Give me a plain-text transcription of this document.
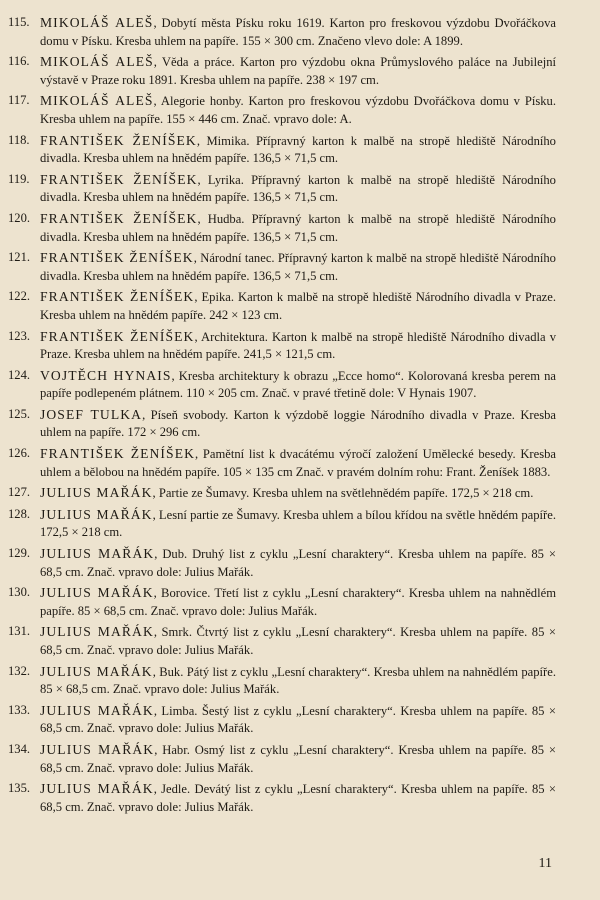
115. MIKOLÁŠ ALEŠ, Dobytí města Písku roku 1619. Karton pro freskovou výzdobu Dvořáčkova domu v Písku. Kresba uhlem na papíře. 155 × 300 cm. Značeno vlevo dole: A 1899.
116. MIKOLÁŠ ALEŠ, Věda a práce. Karton pro výzdobu okna Průmyslového paláce na Jubilejní výstavě v Praze roku 1891. Kresba uhlem na papíře. 238 × 197 cm.
117. MIKOLÁŠ ALEŠ, Alegorie honby. Karton pro freskovou výzdobu Dvořáčkova domu v Písku. Kresba uhlem na papíře. 155 × 446 cm. Znač. vpravo dole: A.
118. FRANTIŠEK ŽENÍŠEK, Mimika. Přípravný karton k malbě na stropě hlediště Národního divadla. Kresba uhlem na hnědém papíře. 136,5 × 71,5 cm.
119. FRANTIŠEK ŽENÍŠEK, Lyrika. Přípravný karton k malbě na stropě hlediště Národního divadla. Kresba uhlem na hnědém papíře. 136,5 × 71,5 cm.
120. FRANTIŠEK ŽENÍŠEK, Hudba. Přípravný karton k malbě na stropě hlediště Národního divadla. Kresba uhlem na hnědém papíře. 136,5 × 71,5 cm.
121. FRANTIŠEK ŽENÍŠEK, Národní tanec. Přípravný karton k malbě na stropě hlediště Národního divadla. Kresba uhlem na hnědém papíře. 136,5 × 71,5 cm.
122. FRANTIŠEK ŽENÍŠEK, Epika. Karton k malbě na stropě hlediště Národního divadla v Praze. Kresba uhlem na hnědém papíře. 242 × 123 cm.
123. FRANTIŠEK ŽENÍŠEK, Architektura. Karton k malbě na stropě hlediště Národního divadla v Praze. Kresba uhlem na hnědém papíře. 241,5 × 121,5 cm.
124. VOJTĚCH HYNAIS, Kresba architektury k obrazu „Ecce homo“. Kolorovaná kresba perem na papíře podlepeném plátnem. 110 × 205 cm. Znač. v pravé třetině dole: V Hynais 1907.
125. JOSEF TULKA, Píseň svobody. Karton k výzdobě loggie Národního divadla v Praze. Kresba uhlem na papíře. 172 × 296 cm.
126. FRANTIŠEK ŽENÍŠEK, Pamětní list k dvacátému výročí založení Umělecké besedy. Kresba uhlem a bělobou na hnědém papíře. 105 × 135 cm Znač. v pravém dolním rohu: Frant. Ženíšek 1883.
127. JULIUS MAŘÁK, Partie ze Šumavy. Kresba uhlem na světlehnědém papíře. 172,5 × 218 cm.
128. JULIUS MAŘÁK, Lesní partie ze Šumavy. Kresba uhlem a bílou křídou na světle hnědém papíře. 172,5 × 218 cm.
129. JULIUS MAŘÁK, Dub. Druhý list z cyklu „Lesní charaktery“. Kresba uhlem na papíře. 85 × 68,5 cm. Znač. vpravo dole: Julius Mařák.
130. JULIUS MAŘÁK, Borovice. Třetí list z cyklu „Lesní charaktery“. Kresba uhlem na nahnědlém papíře. 85 × 68,5 cm. Znač. vpravo dole: Julius Mařák.
131. JULIUS MAŘÁK, Smrk. Čtvrtý list z cyklu „Lesní charaktery“. Kresba uhlem na papíře. 85 × 68,5 cm. Znač. vpravo dole: Julius Mařák.
132. JULIUS MAŘÁK, Buk. Pátý list z cyklu „Lesní charaktery“. Kresba uhlem na nahnědlém papíře. 85 × 68,5 cm. Znač. vpravo dole: Julius Mařák.
133. JULIUS MAŘÁK, Limba. Šestý list z cyklu „Lesní charaktery“. Kresba uhlem na papíře. 85 × 68,5 cm. Znač. vpravo dole: Julius Mařák.
134. JULIUS MAŘÁK, Habr. Osmý list z cyklu „Lesní charaktery“. Kresba uhlem na papíře. 85 × 68,5 cm. Znač. vpravo dole: Julius Mařák.
135. JULIUS MAŘÁK, Jedle. Devátý list z cyklu „Lesní charaktery“. Kresba uhlem na papíře. 85 × 68,5 cm. Znač. vpravo dole: Julius Mařák.
11
